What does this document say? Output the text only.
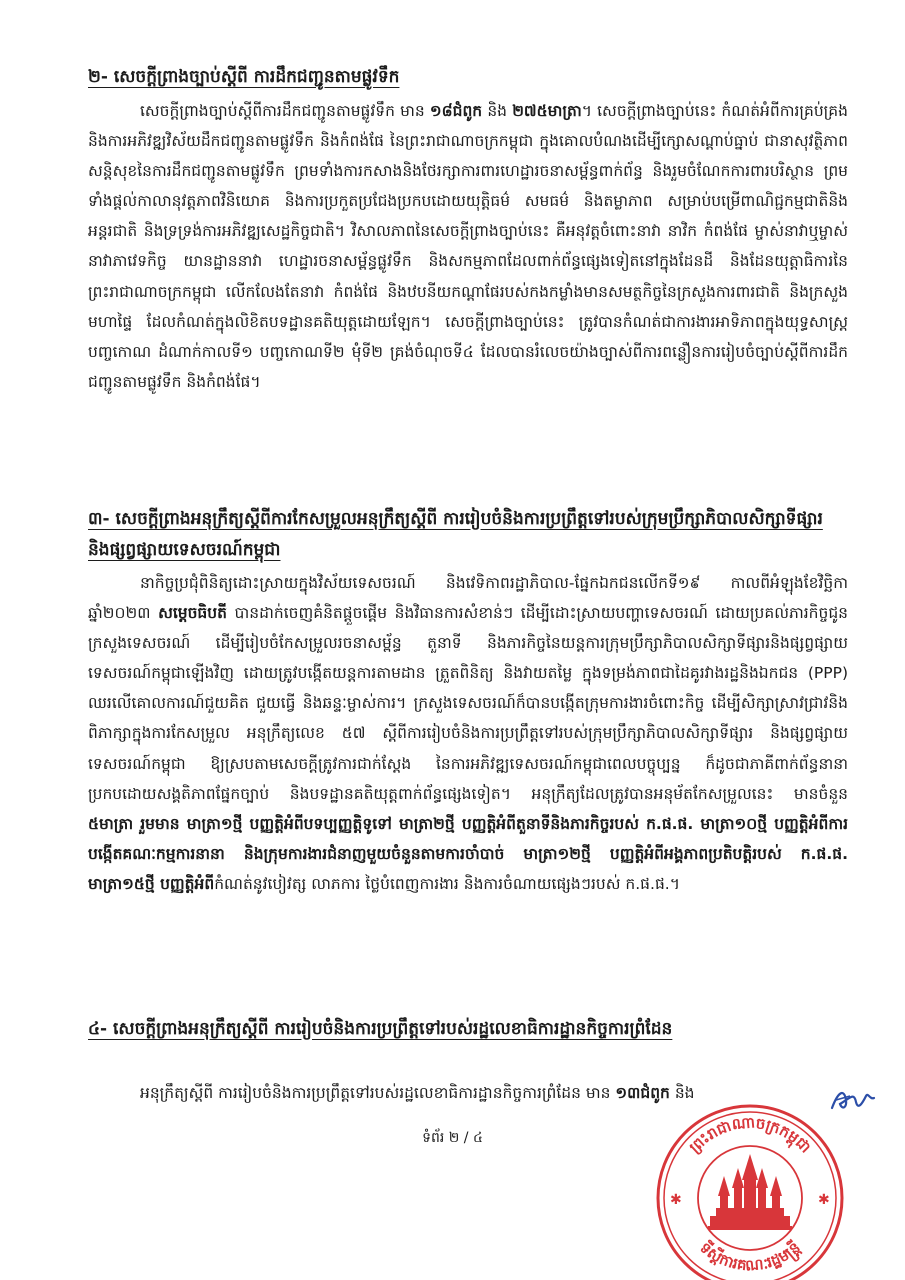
២- សេចក្តីព្រាងច្បាប់ស្តីពី ការដឹកជញ្ជូនតាមផ្លូវទឹក

សេចក្តីព្រាងច្បាប់ស្តីពីការដឹកជញ្ជូនតាមផ្លូវទឹក មាន ១៨ជំពូក និង ២៧៥មាត្រា។ សេចក្តីព្រាងច្បាប់នេះ កំណត់អំពីការគ្រប់គ្រងនិងការអភិវឌ្ឍវិស័យដឹកជញ្ជូនតាមផ្លូវទឹក និងកំពង់ផែ នៃព្រះរាជាណាចក្រកម្ពុជា ក្នុងគោលបំណងដើម្បីក្សោសណ្តាប់ធ្នាប់ ជានាសុវត្ថិភាព សន្តិសុខនៃការដឹកជញ្ជូនតាមផ្លូវទឹក ព្រមទាំងការកសាងនិងថែរក្សាការពារហេដ្ឋារចនាសម្ព័ន្ធពាក់ព័ន្ធ និងរួមចំណែកការពារបរិស្ថាន ព្រមទាំងផ្តល់កាលានុវត្តភាពវិនិយោគ និងការប្រកួតប្រជែងប្រកបដោយយុត្តិធម៌ សមធម៌ និងតម្លាភាព សម្រាប់បម្រើពាណិជ្ជកម្មជាតិនិងអន្តរជាតិ និងទ្រទ្រង់ការអភិវឌ្ឍសេដ្ឋកិច្ចជាតិ។ វិសាលភាពនៃសេចក្តីព្រាងច្បាប់នេះ គឺអនុវត្តចំពោះនាវា នាវិក កំពង់ផែ ម្ចាស់នាវាឬម្ចាស់នាវាភាវេទកិច្ច យានដ្ឋាននាវា ហេដ្ឋារចនាសម្ព័ន្ធផ្លូវទឹក និងសកម្មភាពដែលពាក់ព័ន្ធផ្សេងទៀតនៅក្នុងដែនដី និងដែនយុត្តាធិការនៃព្រះរាជាណាចក្រកម្ពុជា លើកលែងតែនាវា កំពង់ផែ និងឋបនីយកណ្តាផែរបស់កងកម្លាំងមានសមត្ថកិច្ចនៃក្រសួងការពារជាតិ និងក្រសួងមហាផ្ទៃ ដែលកំណត់ក្នុងលិខិតបទដ្ឋានគតិយុត្តដោយឡែក។ សេចក្តីព្រាងច្បាប់នេះ ត្រូវបានកំណត់ជាការងារអាទិភាពក្នុងយុទ្ធសាស្ត្របញ្ចកោណ ដំណាក់កាលទី១ បញ្ចកោណទី២ មុំទី២ គ្រង់ចំណុចទី៤ ដែលបានរំលេចយ៉ាងច្បាស់ពីការពន្លឿនការរៀបចំច្បាប់ស្តីពីការដឹកជញ្ជូនតាមផ្លូវទឹក និងកំពង់ផែ។

៣- សេចក្តីព្រាងអនុក្រឹត្យស្តីពីការកែសម្រួលអនុក្រឹត្យស្តីពី ការរៀបចំនិងការប្រព្រឹត្តទៅរបស់ក្រុមប្រឹក្សាភិបាលសិក្សាទីផ្សារ និងផ្សព្វផ្សាយទេសចរណ៍កម្ពុជា

នាកិច្ចប្រជុំពិនិត្យដោះស្រាយក្នុងវិស័យទេសចរណ៍ និងវេទិកាពរដ្ឋាភិបាល-ផ្នែកឯកជនលើកទី១៩ កាលពីអំឡុងខែវិច្ឆិកា ឆ្នាំ២០២៣ សម្តេចធិបតី បានដាក់ចេញគំនិតផ្តួចផ្តើម និងវិធានការសំខាន់ៗ ដើម្បីដោះស្រាយបញ្ហាទេសចរណ៍ ដោយប្រគល់ភារកិច្ចជូន ក្រសួងទេសចរណ៍ ដើម្បីរៀបចំកែសម្រួលរចនាសម្ព័ន្ធ តួនាទី និងភារកិច្ចនៃយន្តការក្រុមប្រឹក្សាភិបាលសិក្សាទីផ្សារនិងផ្សព្វផ្សាយទេសចរណ៍កម្ពុជាឡើងវិញ ដោយត្រូវបង្កើតយន្តការតាមដាន ត្រួតពិនិត្យ និងវាយតម្លៃ ក្នុងទម្រង់ភាពជាដៃគូរវាងរដ្ឋនិងឯកជន (PPP) ឈរលើគោលការណ៍ជួយគិត ជួយធ្វើ និងឆន្ទៈម្ចាស់ការ។ ក្រសួងទេសចរណ៍ក៏បានបង្កើតក្រុមការងារចំពោះកិច្ច ដើម្បីសិក្សាស្រាវជ្រាវនិងពិភាក្សាក្នុងការកែសម្រួល អនុក្រឹត្យលេខ ៥៧ ស្តីពីការរៀបចំនិងការប្រព្រឹត្តទៅរបស់ក្រុមប្រឹក្សាភិបាលសិក្សាទីផ្សារ និងផ្សព្វផ្សាយទេសចរណ៍កម្ពុជា ឱ្យស្របតាមសេចក្តីត្រូវការជាក់ស្តែង នៃការអភិវឌ្ឍទេសចរណ៍កម្ពុជាពេលបច្ចុប្បន្ន ក៏ដូចជាភាគីពាក់ព័ន្ធនានាប្រកបដោយសង្គតិភាពផ្នែកច្បាប់ និងបទដ្ឋានគតិយុត្តពាក់ព័ន្ធផ្សេងទៀត។ អនុក្រឹត្យដែលត្រូវបានអនុម័តកែសម្រួលនេះ មានចំនួន ៥មាត្រា រួមមាន មាត្រា១ថ្មី បញ្ញត្តិអំពីបទប្បញ្ញត្តិទូទៅ មាត្រា២ថ្មី បញ្ញត្តិអំពីតួនាទីនិងភារកិច្ចរបស់ ក.ផ.ផ. មាត្រា១០ថ្មី បញ្ញត្តិអំពីការបង្កើតគណៈកម្មការនានា និងក្រុមការងារជំនាញមួយចំនួនតាមការចាំបាច់ មាត្រា១២ថ្មី បញ្ញត្តិអំពីអង្គភាពប្រតិបត្តិរបស់ ក.ផ.ផ. មាត្រា១៥ថ្មី បញ្ញត្តិអំពីកំណត់នូវបៀវត្ស លាភការ ថ្លៃបំពេញការងារ និងការចំណាយផ្សេងៗរបស់ ក.ផ.ផ.។

៤- សេចក្តីព្រាងអនុក្រឹត្យស្តីពី ការរៀបចំនិងការប្រព្រឹត្តទៅរបស់រដ្ឋលេខាធិការដ្ឋានកិច្ចការព្រំដែន

អនុក្រឹត្យស្តីពី ការរៀបចំនិងការប្រព្រឹត្តទៅរបស់រដ្ឋលេខាធិការដ្ឋានកិច្ចការព្រំដែន មាន ១៣ជំពូក និង

ទំព័រ ២ / ៤	ព្រះរាជាណាចក្រកម្ពុជា
ទីស្តីការគណៈរដ្ឋមន្ត្រី
✱	✱
